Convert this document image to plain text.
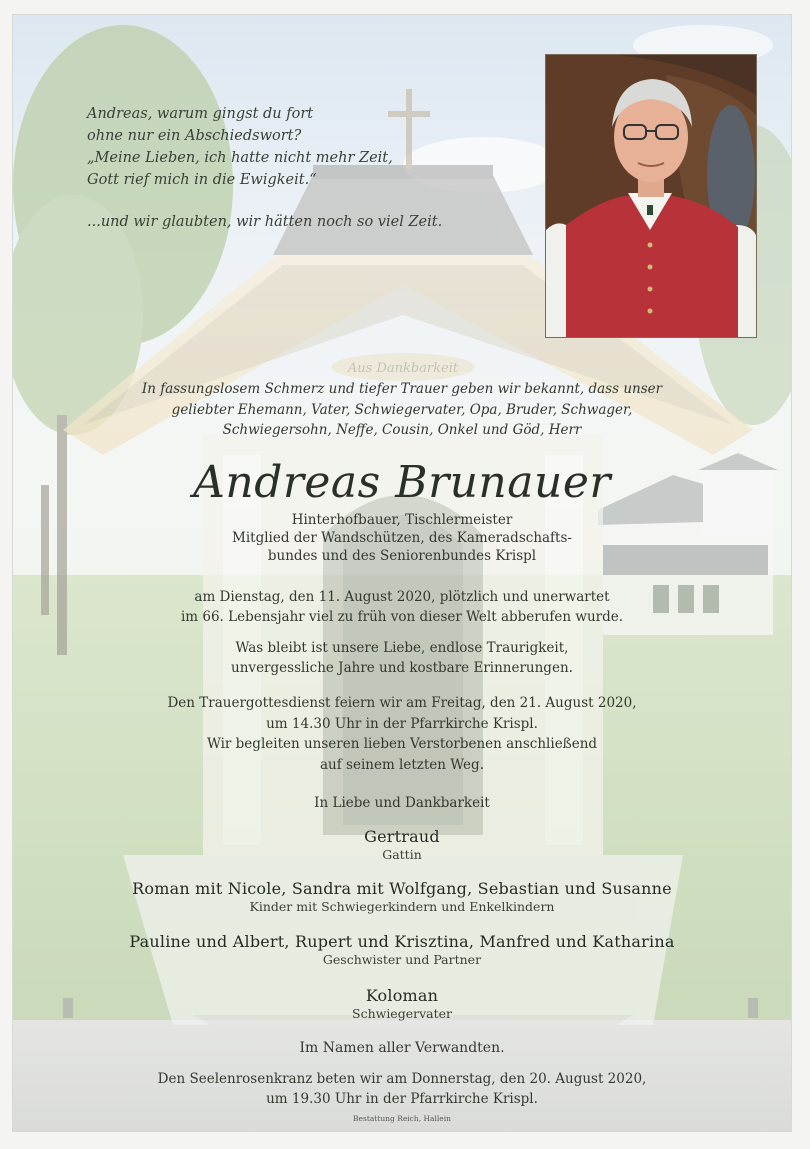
Aus Dankbarkeit
Andreas, warum gingst du fort
ohne nur ein Abschiedswort?
„Meine Lieben, ich hatte nicht mehr Zeit,
Gott rief mich in die Ewigkeit.“
...und wir glaubten, wir hätten noch so viel Zeit.
In fassungslosem Schmerz und tiefer Trauer geben wir bekannt, dass unser
geliebter Ehemann, Vater, Schwiegervater, Opa, Bruder, Schwager,
Schwiegersohn, Neffe, Cousin, Onkel und Göd, Herr
Andreas Brunauer
Hinterhofbauer, Tischlermeister
Mitglied der Wandschützen, des Kameradschafts-
bundes und des Seniorenbundes Krispl
am Dienstag, den 11. August 2020, plötzlich und unerwartet
im 66. Lebensjahr viel zu früh von dieser Welt abberufen wurde.
Was bleibt ist unsere Liebe, endlose Traurigkeit,
unvergessliche Jahre und kostbare Erinnerungen.
Den Trauergottesdienst feiern wir am Freitag, den 21. August 2020,
um 14.30 Uhr in der Pfarrkirche Krispl.
Wir begleiten unseren lieben Verstorbenen anschließend
auf seinem letzten Weg.
In Liebe und Dankbarkeit
Gertraud
Gattin
Roman mit Nicole, Sandra mit Wolfgang, Sebastian und Susanne
Kinder mit Schwiegerkindern und Enkelkindern
Pauline und Albert, Rupert und Krisztina, Manfred und Katharina
Geschwister und Partner
Koloman
Schwiegervater
Im Namen aller Verwandten.
Den Seelenrosenkranz beten wir am Donnerstag, den 20. August 2020,
um 19.30 Uhr in der Pfarrkirche Krispl.
Bestattung Reich, Hallein
